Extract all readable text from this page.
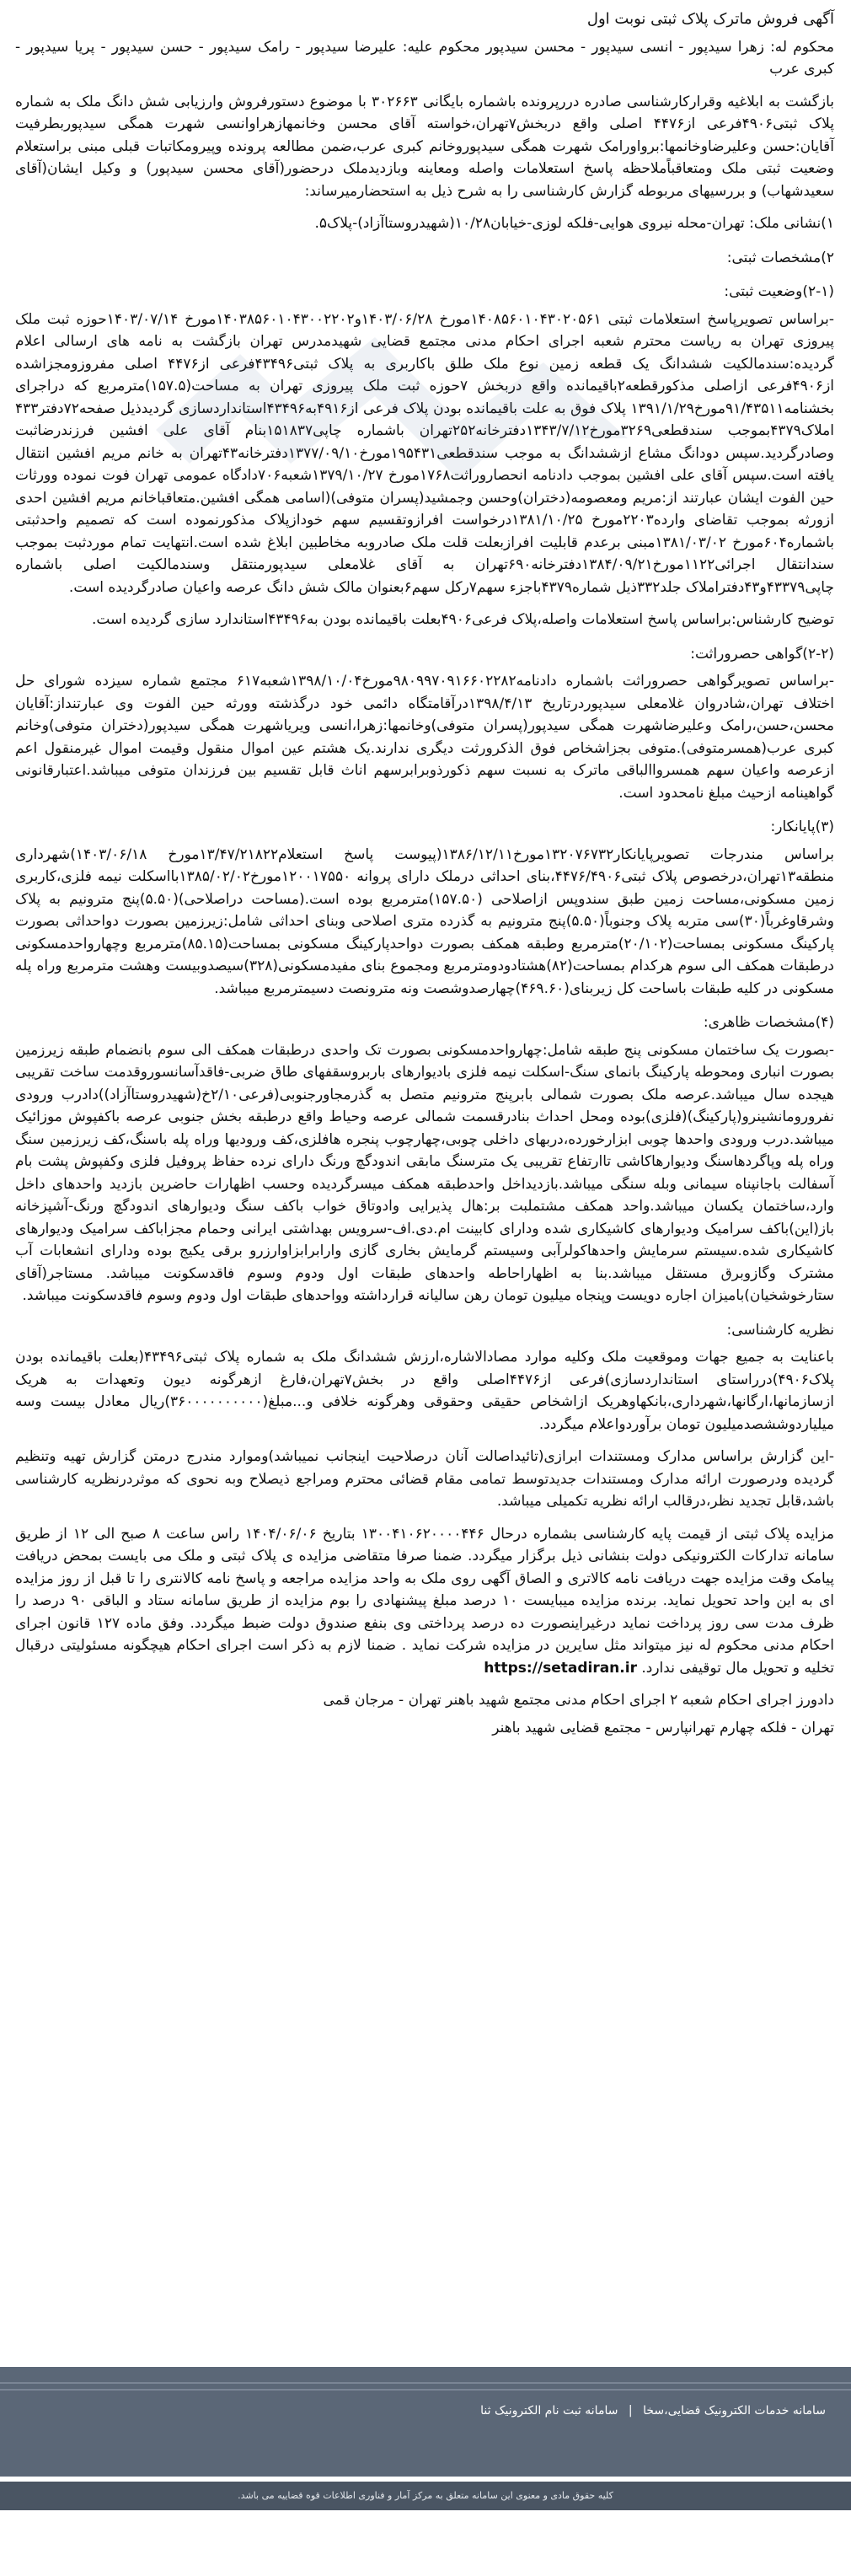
آگهی فروش ماترک پلاک ثبتی نوبت اول

محکوم له: زهرا سیدپور - انسی سیدپور - محسن سیدپور محکوم علیه: علیرضا سیدپور - رامک سیدپور - حسن سیدپور - پریا سیدپور - کبری عرب

بازگشت به ابلاغیه وقرارکارشناسی صادره دررپرونده باشماره بایگانی ۳۰۲۶۶۳ با موضوع دستورفروش وارزیابی شش دانگ ملک به شماره پلاک ثبتی۴۹۰۶فرعی از۴۴۷۶ اصلی واقع دربخش۷تهران،خواسته آقای محسن وخانمهازهراوانسی شهرت همگی سیدپوربطرفیت آقایان:حسن وعلیرضاوخانمها:برواورامک شهرت همگی سیدپوروخانم کبری عرب،ضمن مطالعه پرونده وپیرومکاتبات قبلی مبنی براستعلام وضعیت ثبتی ملک ومتعاقباًملاحظه پاسخ استعلامات واصله ومعاینه وبازدیدملک درحضور(آقای محسن سیدپور) و وکیل ایشان(آقای سعیدشهاب) و بررسیهای مربوطه گزارش کارشناسی را به شرح ذیل به استحضارمیرساند:

۱)نشانی ملک: تهران-محله نیروی هوایی-فلکه لوزی-خیابان۱۰/۲۸(شهیدروستاآزاد)-پلاک۵.

۲)مشخصات ثبتی:

(۲-۱)وضعیت ثبتی:

-براساس تصویرپاسخ استعلامات ثبتی ۱۴۰۸۵۶۰۱۰۴۳۰۲۰۵۶۱مورخ ۱۴۰۳/۰۶/۲۸و۱۴۰۳۸۵۶۰۱۰۴۳۰۰۲۲۰۲مورخ ۱۴۰۳/۰۷/۱۴حوزه ثبت ملک پیروزی تهران به ریاست محترم شعبه اجرای احکام مدنی مجتمع قضایی شهیدمدرس تهران بازگشت به نامه های ارسالی اعلام گردیده:سندمالکیت ششدانگ یک قطعه زمین نوع ملک طلق باکاربری به پلاک ثبتی۴۳۴۹۶فرعی از۴۴۷۶ اصلی مفروزومجزاشده از۴۹۰۶فرعی ازاصلی مذکورقطعه۲باقیمانده واقع دربخش ۷حوزه ثبت ملک پیروزی تهران به مساحت(۱۵۷.۵)مترمربع که دراجرای بخشنامه۹۱/۴۳۵۱۱مورخ۱۳۹۱/۱/۲۹ پلاک فوق به علت باقیمانده بودن پلاک فرعی از۴۹۱۶به۴۳۴۹۶استانداردسازی گردیدذیل صفحه۷۲دفتر۴۳۳ املاک۴۳۷۹بموجب سندقطعی۳۲۶۹مورخ۱۳۴۳/۷/۱۲دفترخانه۲۵۲تهران باشماره چاپی۱۵۱۸۳۷بنام آقای علی افشین فرزندرضاثبت وصادرگردید.سپس دودانگ مشاع ازششدانگ به موجب سندقطعی۱۹۵۴۳۱مورخ۱۳۷۷/۰۹/۱۰دفترخانه۴۳تهران به خانم مریم افشین انتقال یافته است.سپس آقای علی افشین بموجب دادنامه انحصاروراثت۱۷۶۸مورخ ۱۳۷۹/۱۰/۲۷شعبه۷۰۶دادگاه عمومی تهران فوت نموده وورثات حین الفوت ایشان عبارتند از:مریم ومعصومه(دختران)وحسن وجمشید(پسران متوفی)(اسامی همگی افشین.متعاقباخانم مریم افشین احدی ازورثه بموجب تقاضای وارده۲۲۰۳مورخ ۱۳۸۱/۱۰/۲۵درخواست افرازوتقسیم سهم خودازپلاک مذکورنموده است که تصمیم واحدثبتی باشماره۶۰۴مورخ ۱۳۸۱/۰۳/۰۲مبنی برعدم قابلیت افرازبعلت قلت ملک صادروبه مخاطبین ابلاغ شده است.انتهایت تمام موردثبت بموجب سندانتقال اجرائی۱۱۲۲مورخ۱۳۸۴/۰۹/۲۱دفترخانه۶۹۰تهران به آقای غلامعلی سیدپورمنتقل وسندمالکیت اصلی باشماره چاپی۴۳۳۷۹و۴۳دفتراملاک جلد۳۳۲ذیل شماره۴۳۷۹باجزء سهم۷رکل سهم۶بعنوان مالک شش دانگ عرصه واعیان صادرگردیده است.

توضیح کارشناس:براساس پاسخ استعلامات واصله،پلاک فرعی۴۹۰۶بعلت باقیمانده بودن به۴۳۴۹۶استاندارد سازی گردیده است.

(۲-۲)گواهی حصروراثت:

-براساس تصویرگواهی حصروراثت باشماره دادنامه۹۸۰۹۹۷۰۹۱۶۶۰۲۲۸۲مورخ۱۳۹۸/۱۰/۰۴شعبه۶۱۷ مجتمع شماره سیزده شورای حل اختلاف تهران،شادروان غلامعلی سیدپوردرتاریخ ۱۳۹۸/۴/۱۳درآقامتگاه دائمی خود درگذشته وورثه حین الفوت وی عبارتنداز:آقایان محسن،حسن،رامک وعلیرضاشهرت همگی سیدپور(پسران متوفی)وخانمها:زهرا،انسی ویریاشهرت همگی سیدپور(دختران متوفی)وخانم کبری عرب(همسرمتوفی).متوفی بجزاشخاص فوق الذکرورثت دیگری ندارند.یک هشتم عین اموال منقول وقیمت اموال غیرمنقول اعم ازعرصه واعیان سهم همسرواالباقی ماترک به نسبت سهم ذکورذوبرابرسهم اناث قابل تقسیم بین فرزندان متوفی میباشد.اعتبارقانونی گواهینامه ازحیث مبلغ نامحدود است.

(۳)پایانکار:

براساس مندرجات تصویرپایانکار۱۳۲۰۷۶۷۳۲مورخ۱۳۸۶/۱۲/۱۱(پیوست پاسخ استعلام۱۳/۴۷/۲۱۸۲۲مورخ ۱۴۰۳/۰۶/۱۸)شهرداری منطقه۱۳تهران،درخصوص پلاک ثبتی۴۴۷۶/۴۹۰۶،بنای احداثی درملک دارای پروانه ۱۲۰۰۱۷۵۵۰مورخ۱۳۸۵/۰۲/۰۲بااسکلت نیمه فلزی،کاربری زمین مسکونی،مساحت زمین طبق سندوپس ازاصلاحی (۱۵۷.۵۰)مترمربع بوده است.(مساحت دراصلاحی)(۵.۵۰)پنج مترونیم به پلاک وشرقاوغرباً(۳۰)سی متربه پلاک وجنوباً(۵.۵۰)پنج مترونیم به گذرده متری اصلاحی وبنای احداثی شامل:زیرزمین بصورت دواحداثی بصورت پارکینگ مسکونی بمساحت(۲۰/۱۰۲)مترمربع وطبقه همکف بصورت دواحدپارکینگ مسکونی بمساحت(۸۵.۱۵)مترمربع وچهارواحدمسکونی درطبقات همکف الی سوم هرکدام بمساحت(۸۲)هشتادودومترمربع ومجموع بنای مفیدمسکونی(۳۲۸)سیصدوبیست وهشت مترمربع وراه پله مسکونی در کلیه طبقات باساحت کل زیربنای(۴۶۹.۶۰)چهارصدوشصت ونه مترونصت دسیمترمربع میباشد.

(۴)مشخصات ظاهری:

-بصورت یک ساختمان مسکونی پنج طبقه شامل:چهارواحدمسکونی بصورت تک واحدی درطبقات همکف الی سوم بانضمام طبقه زیرزمین بصورت انباری ومحوطه پارکینگ بانمای سنگ-اسکلت نیمه فلزی بادیوارهای باربروسقفهای طاق ضربی-فاقدآسانسوروقدمت ساخت تقریبی هیجده سال میباشد.عرصه ملک بصورت شمالی بابرپنج مترونیم متصل به گذرمجاورجنوبی(فرعی۲/۱۰خ(شهیدروستاآزاد))دادرب ورودی نفرورومانشینرو(پارکینگ)(فلزی)بوده ومحل احداث بنادرقسمت شمالی عرصه وحیاط واقع درطبقه بخش جنوبی عرصه باکفپوش موزائیک میباشد.درب ورودی واحدها چوبی ابزارخورده،دربهای داخلی چوبی،چهارچوب پنجره هافلزی،کف ورودیها وراه پله باسنگ،کف زیرزمین سنگ وراه پله وپاگردهاسنگ ودیوارهاکاشی تاارتفاع تقریبی یک مترسنگ مابقی اندودگچ ورنگ دارای نرده حفاظ پروفیل فلزی وکفپوش پشت بام آسفالت باجانپناه سیمانی وبله سنگی میباشد.بازدیداخل واحدطبقه همکف میسرگردیده وحسب اظهارات حاضرین بازدید واحدهای داخل وارد،ساختمان یکسان میباشد.واحد همکف مشتملبت بر:هال پذیرایی وادوتاق خواب باکف سنگ ودیوارهای اندودگچ ورنگ-آشپزخانه باز(این)باکف سرامیک ودیوارهای کاشیکاری شده ودارای کابینت ام.دی.اف-سرویس بهداشتی ایرانی وحمام مجزاباکف سرامیک ودیوارهای کاشیکاری شده.سیستم سرمایش واحدهاکولرآبی وسیستم گرمایش بخاری گازی وارابرابزاوارزرو برقی یکیج بوده ودارای انشعابات آب مشترک وگازوبرق مستقل میباشد.بنا به اظهاراحاطه واحدهای طبقات اول ودوم وسوم فاقدسکونت میباشد. مستاجر(آقای ستارخوشخیان)بامیزان اجاره دویست وپنجاه میلیون تومان رهن سالیانه قرارداشته وواحدهای طبقات اول ودوم وسوم فاقدسکونت میباشد.

نظریه کارشناسی:

باعنایت به جمیع جهات وموقعیت ملک وکلیه موارد مصادالاشاره،ارزش ششدانگ ملک به شماره پلاک ثبتی۴۳۴۹۶(بعلت باقیمانده بودن پلاک۴۹۰۶)درراستای استانداردسازی)فرعی از۴۴۷۶اصلی واقع در بخش۷تهران،فارغ ازهرگونه دیون وتعهدات به هریک ازسازمانها،ارگانها،شهرداری،بانکهاوهریک ازاشخاص حقیقی وحقوقی وهرگونه خلافی و...مبلغ(۳۶۰۰۰۰۰۰۰۰۰۰)ریال معادل بیست وسه میلیاردوششصدمیلیون تومان برآوردواعلام میگردد.

-این گزارش براساس مدارک ومستندات ابرازی(تائیداصالت آنان درصلاحیت اینجانب نمیباشد)وموارد مندرج درمتن گزارش تهیه وتنظیم گردیده ودرصورت ارائه مدارک ومستندات جدیدتوسط تمامی مقام قضائی محترم ومراجع ذیصلاح وبه نحوی که موثردرنظریه کارشناسی باشد،قابل تجدید نظر،درقالب ارائه نظریه تکمیلی میباشد.

مزایده پلاک ثبتی از قیمت پایه کارشناسی بشماره درحال ۱۳۰۰۴۱۰۶۲۰۰۰۰۴۴۶ بتاریخ ۱۴۰۴/۰۶/۰۶ راس ساعت ۸ صبح الی ۱۲ از طریق سامانه تدارکات الکترونیکی دولت بنشانی ذیل برگزار میگردد. ضمنا صرفا متقاضی مزایده ی پلاک ثبتی و ملک می بایست بمحض دریافت پیامک وقت مزایده جهت دریافت نامه کالاتری و الصاق آگهی روی ملک به واحد مزایده مراجعه و پاسخ نامه کالانتری را تا قبل از روز مزایده ای به این واحد تحویل نماید. برنده مزایده میبایست ۱۰ درصد مبلغ پیشنهادی را بوم مزایده از طریق سامانه ستاد و الباقی ۹۰ درصد را ظرف مدت سی روز پرداخت نماید درغیراینصورت ده درصد پرداختی وی بنفع صندوق دولت ضبط میگردد. وفق ماده ۱۲۷ قانون اجرای احکام مدنی محکوم له نیز میتواند مثل سایرین در مزایده شرکت نماید . ضمنا لازم به ذکر است اجرای احکام هیچگونه مسئولیتی درقبال تخلیه و تحویل مال توقیفی ندارد. https://setadiran.ir

دادورز اجرای احکام شعبه ۲ اجرای احکام مدنی مجتمع شهید باهنر تهران - مرجان قمی

تهران - فلکه چهارم تهرانپارس - مجتمع قضایی شهید باهنر

سامانه خدمات الکترونیک قضایی،سخا | سامانه ثبت نام الکترونیک ثنا
کلیه حقوق مادی و معنوی این سامانه متعلق به مرکز آمار و فناوری اطلاعات قوه قضاییه می باشد.
